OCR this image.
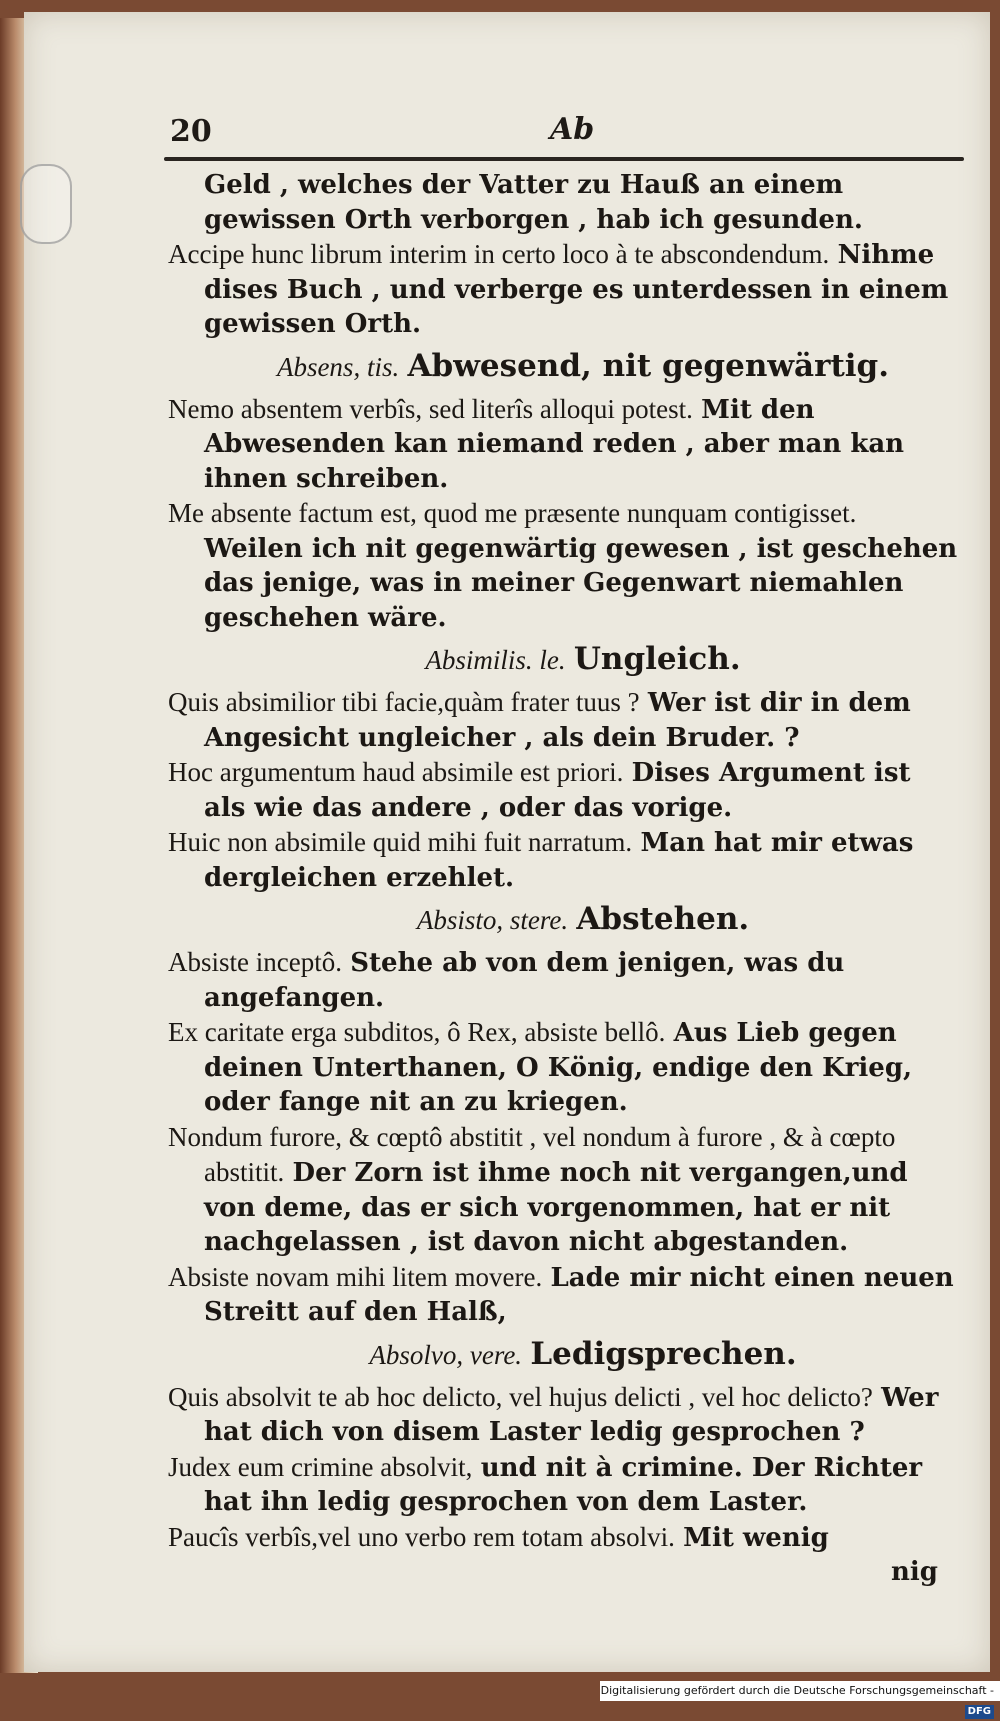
20	Ab

Geld , welches der Vatter zu Hauß an einem gewissen Orth verborgen , hab ich gesunden.

Accipe hunc librum interim in certo loco à te abscondendum. Nihme dises Buch , und verberge es unterdessen in einem gewissen Orth.

Absens, tis. Abwesend, nit gegenwärtig.

Nemo absentem verbîs, sed literîs alloqui potest. Mit den Abwesenden kan niemand reden , aber man kan ihnen schreiben.

Me absente factum est, quod me præsente nunquam contigisset. Weilen ich nit gegenwärtig gewesen , ist geschehen das jenige, was in meiner Gegenwart niemahlen geschehen wäre.

Absimilis. le. Ungleich.

Quis absimilior tibi facie,quàm frater tuus ? Wer ist dir in dem Angesicht ungleicher , als dein Bruder. ?

Hoc argumentum haud absimile est priori. Dises Argument ist als wie das andere , oder das vorige.

Huic non absimile quid mihi fuit narratum. Man hat mir etwas dergleichen erzehlet.

Absisto, stere. Abstehen.

Absiste inceptô. Stehe ab von dem jenigen, was du angefangen.

Ex caritate erga subditos, ô Rex, absiste bellô. Aus Lieb gegen deinen Unterthanen, O König, endige den Krieg, oder fange nit an zu kriegen.

Nondum furore, & cœptô abstitit , vel nondum à furore , & à cœpto abstitit. Der Zorn ist ihme noch nit vergangen,und von deme, das er sich vorgenommen, hat er nit nachgelassen , ist davon nicht abgestanden.

Absiste novam mihi litem movere. Lade mir nicht einen neuen Streitt auf den Halß,

Absolvo, vere. Ledigsprechen.

Quis absolvit te ab hoc delicto, vel hujus delicti , vel hoc delicto? Wer hat dich von disem Laster ledig gesprochen ?

Judex eum crimine absolvit, und nit à crimine. Der Richter hat ihn ledig gesprochen von dem Laster.

Paucîs verbîs,vel uno verbo rem totam absolvi. Mit wenig

nig

Digitalisierung gefördert durch die Deutsche Forschungsgemeinschaft -DFG
